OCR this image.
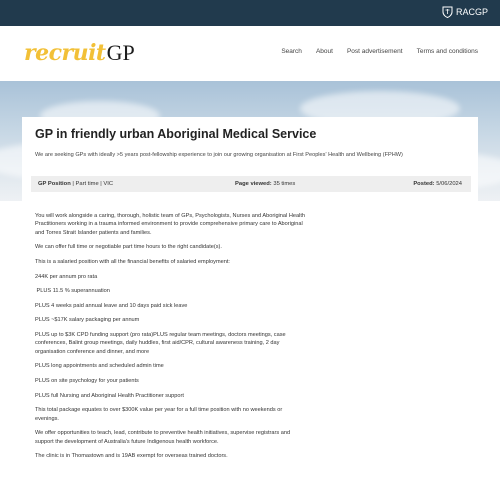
RACGP
recruit GP	Search About Post advertisement Terms and conditions
GP in friendly urban Aboriginal Medical Service

We are seeking GPs with ideally >5 years post-fellowship experience to join our growing organisation at First Peoples' Health and Wellbeing (FPHW)

GP Position | Part time | VIC	Page viewed: 35 times	Posted: 5/06/2024

You will work alongside a caring, thorough, holistic team of GPs, Psychologists, Nurses and Aboriginal Health Practitioners working in a trauma informed environment to provide comprehensive primary care to Aboriginal and Torres Strait Islander patients and families.

We can offer full time or negotiable part time hours to the right candidate(s).

This is a salaried position with all the financial benefits of salaried employment:

244K per annum pro rata

PLUS 11.5 % superannuation

PLUS 4 weeks paid annual leave and 10 days paid sick leave

PLUS ~$17K salary packaging per annum

PLUS up to $3K CPD funding support (pro rata)PLUS regular team meetings, doctors meetings, case conferences, Balint group meetings, daily huddles, first aid/CPR, cultural awareness training, 2 day organisation conference and dinner, and more

PLUS long appointments and scheduled admin time

PLUS on site psychology for your patients

PLUS full Nursing and Aboriginal Health Practitioner support

This total package equates to over $300K value per year for a full time position with no weekends or evenings.

We offer opportunities to teach, lead, contribute to preventive health initiatives, supervise registrars and support the development of Australia's future Indigenous health workforce.

The clinic is in Thomastown and is 19AB exempt for overseas trained doctors.
